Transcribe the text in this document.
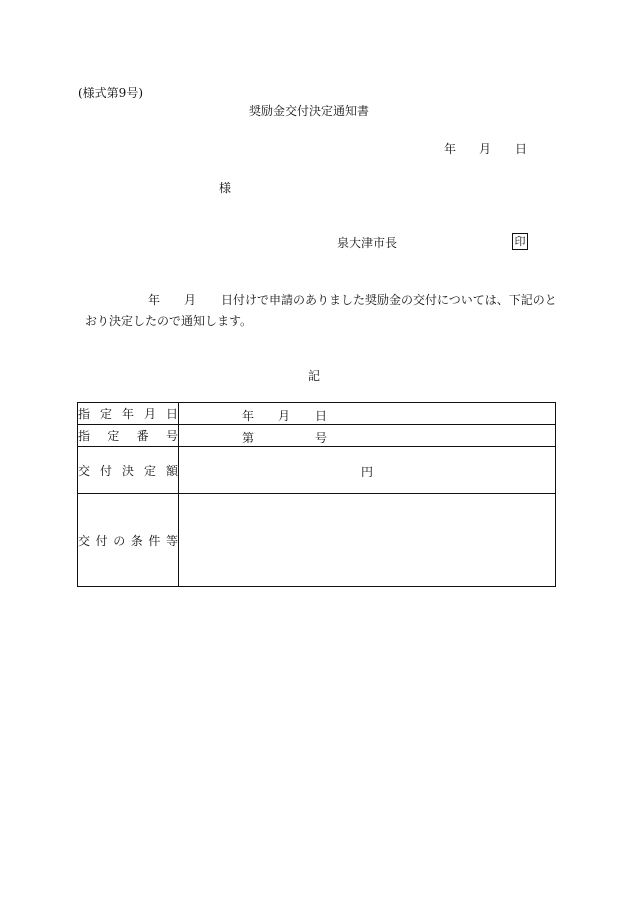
(様式第9号)
奨励金交付決定通知書
年 月 日
様
泉大津市長	印
年 月 日付けで申請のありました奨励金の交付については、下記のと
おり決定したので通知します。
記
指定年月日	年 月 日

指定番号	第 号

交付決定額	円

交付の条件等	
